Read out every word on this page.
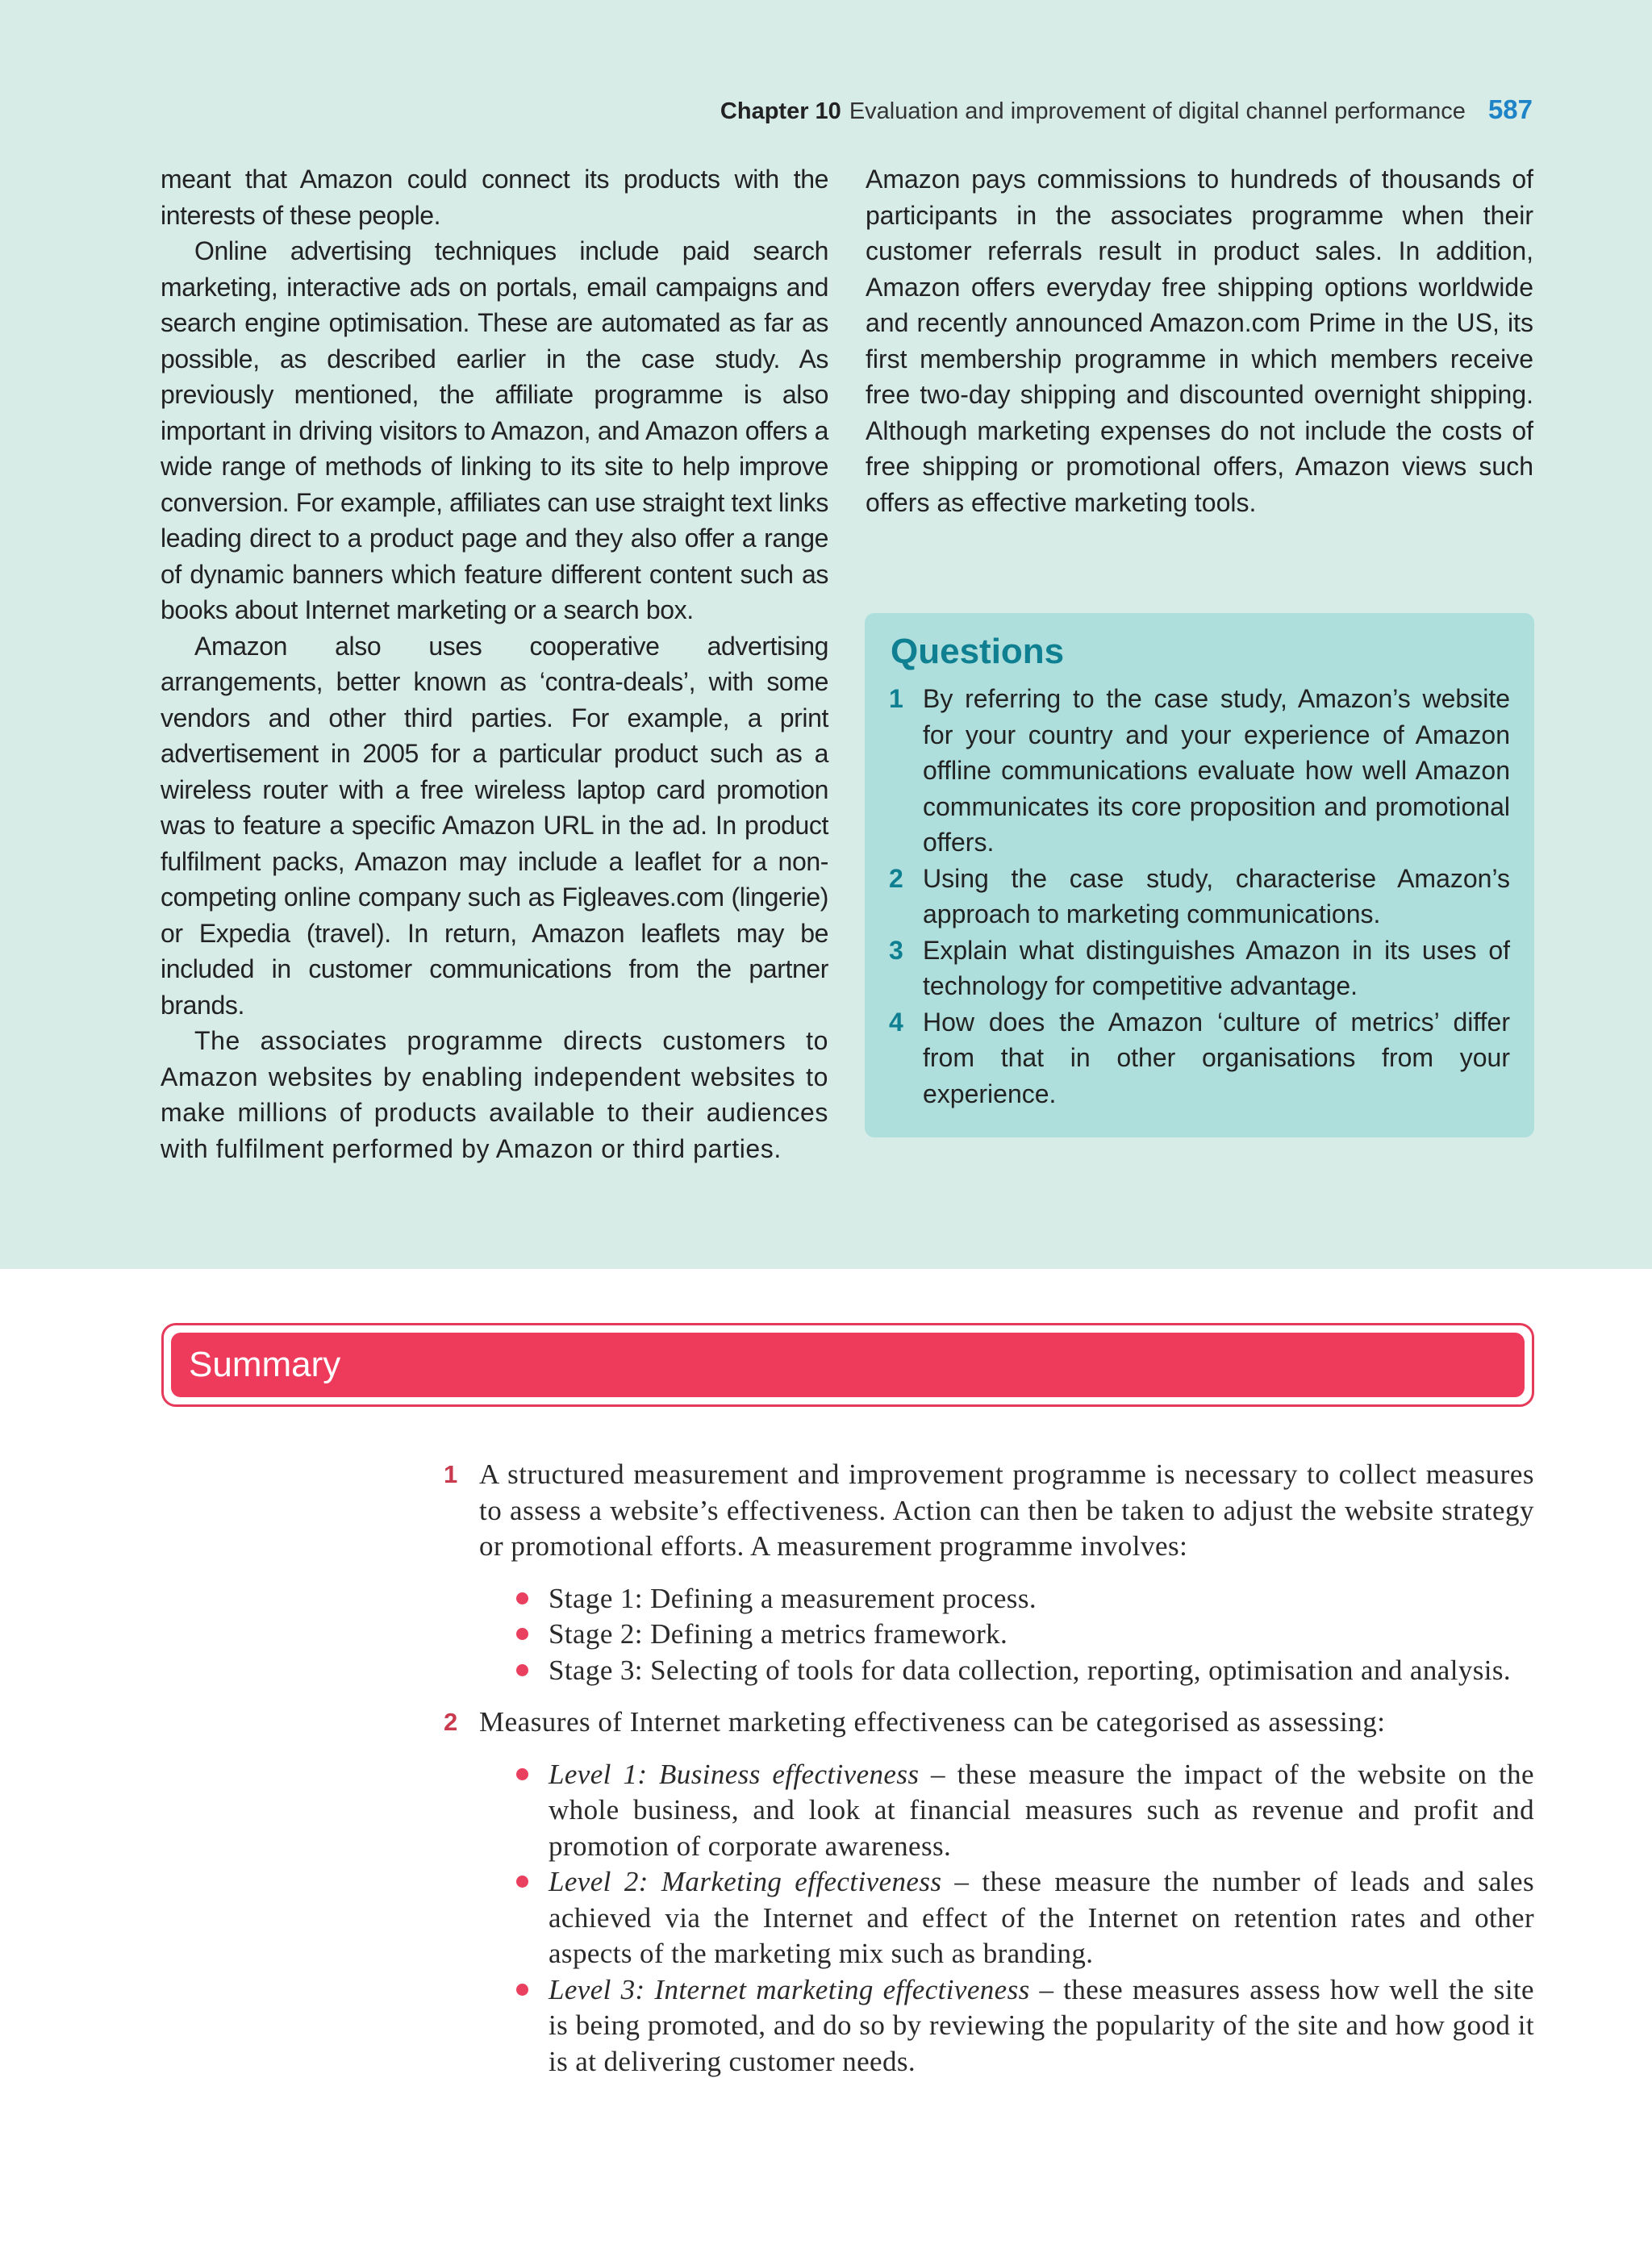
Chapter 10 Evaluation and improvement of digital channel performance 587

meant that Amazon could connect its products with the interests of these people.

Online advertising techniques include paid search marketing, interactive ads on portals, email campaigns and search engine optimisation. These are automated as far as possible, as described earlier in the case study. As previously mentioned, the affiliate programme is also important in driving visitors to Amazon, and Amazon offers a wide range of methods of linking to its site to help improve conversion. For example, affiliates can use straight text links leading direct to a product page and they also offer a range of dynamic banners which feature different content such as books about Internet marketing or a search box.

Amazon also uses cooperative advertising arrangements, better known as ‘contra-deals’, with some vendors and other third parties. For example, a print advertisement in 2005 for a particular product such as a wireless router with a free wireless laptop card promotion was to feature a specific Amazon URL in the ad. In product fulfilment packs, Amazon may include a leaflet for a non-competing online company such as Figleaves.com (lingerie) or Expedia (travel). In return, Amazon leaflets may be included in customer communications from the partner brands.

The associates programme directs customers to Amazon websites by enabling independent websites to make millions of products available to their audiences with fulfilment performed by Amazon or third parties.

Amazon pays commissions to hundreds of thousands of participants in the associates programme when their customer referrals result in product sales. In addition, Amazon offers everyday free shipping options worldwide and recently announced Amazon.com Prime in the US, its first membership programme in which members receive free two-day shipping and discounted overnight shipping. Although marketing expenses do not include the costs of free shipping or promotional offers, Amazon views such offers as effective marketing tools.

Questions
1 By referring to the case study, Amazon’s website for your country and your experience of Amazon offline communications evaluate how well Amazon communicates its core proposition and promotional offers.
2 Using the case study, characterise Amazon’s approach to marketing communications.
3 Explain what distinguishes Amazon in its uses of technology for competitive advantage.
4 How does the Amazon ‘culture of metrics’ differ from that in other organisations from your experience.
Summary
1 A structured measurement and improvement programme is necessary to collect measures to assess a website’s effectiveness. Action can then be taken to adjust the website strategy or promotional efforts. A measurement programme involves:
Stage 1: Defining a measurement process.
Stage 2: Defining a metrics framework.
Stage 3: Selecting of tools for data collection, reporting, optimisation and analysis.
2 Measures of Internet marketing effectiveness can be categorised as assessing:
Level 1: Business effectiveness – these measure the impact of the website on the whole business, and look at financial measures such as revenue and profit and promotion of corporate awareness.
Level 2: Marketing effectiveness – these measure the number of leads and sales achieved via the Internet and effect of the Internet on retention rates and other aspects of the marketing mix such as branding.
Level 3: Internet marketing effectiveness – these measures assess how well the site is being promoted, and do so by reviewing the popularity of the site and how good it is at delivering customer needs.
